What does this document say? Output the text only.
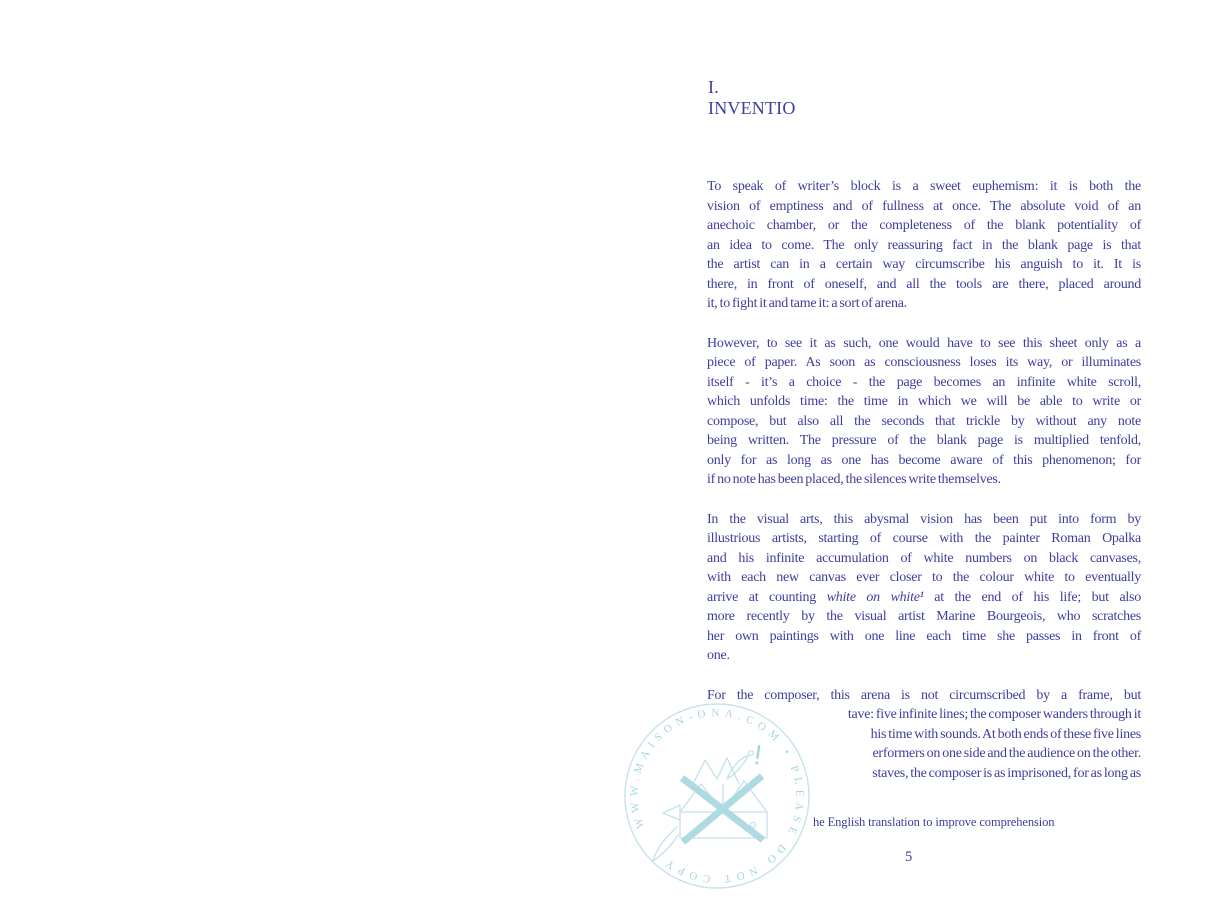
I.
INVENTIO
To speak of writer’s block is a sweet euphemism: it is both the
vision of emptiness and of fullness at once. The absolute void of an
anechoic chamber, or the completeness of the blank potentiality of
an idea to come. The only reassuring fact in the blank page is that
the artist can in a certain way circumscribe his anguish to it. It is
there, in front of oneself, and all the tools are there, placed around
it, to fight it and tame it: a sort of arena.
However, to see it as such, one would have to see this sheet only as a
piece of paper. As soon as consciousness loses its way, or illuminates
itself - it’s a choice - the page becomes an infinite white scroll,
which unfolds time: the time in which we will be able to write or
compose, but also all the seconds that trickle by without any note
being written. The pressure of the blank page is multiplied tenfold,
only for as long as one has become aware of this phenomenon; for
if no note has been placed, the silences write themselves.
In the visual arts, this abysmal vision has been put into form by
illustrious artists, starting of course with the painter Roman Opalka
and his infinite accumulation of white numbers on black canvases,
with each new canvas ever closer to the colour white to eventually
arrive at counting white on white¹ at the end of his life; but also
more recently by the visual artist Marine Bourgeois, who scratches
her own paintings with one line each time she passes in front of
one.
For the composer, this arena is not circumscribed by a frame, but
tave: five infinite lines; the composer wanders through it
his time with sounds. At both ends of these five lines
erformers on one side and the audience on the other.
staves, the composer is as imprisoned, for as long as
he English translation to improve comprehension
5
WWW.MAISON-ONA.COM • PLEASE DO NOT COPY
